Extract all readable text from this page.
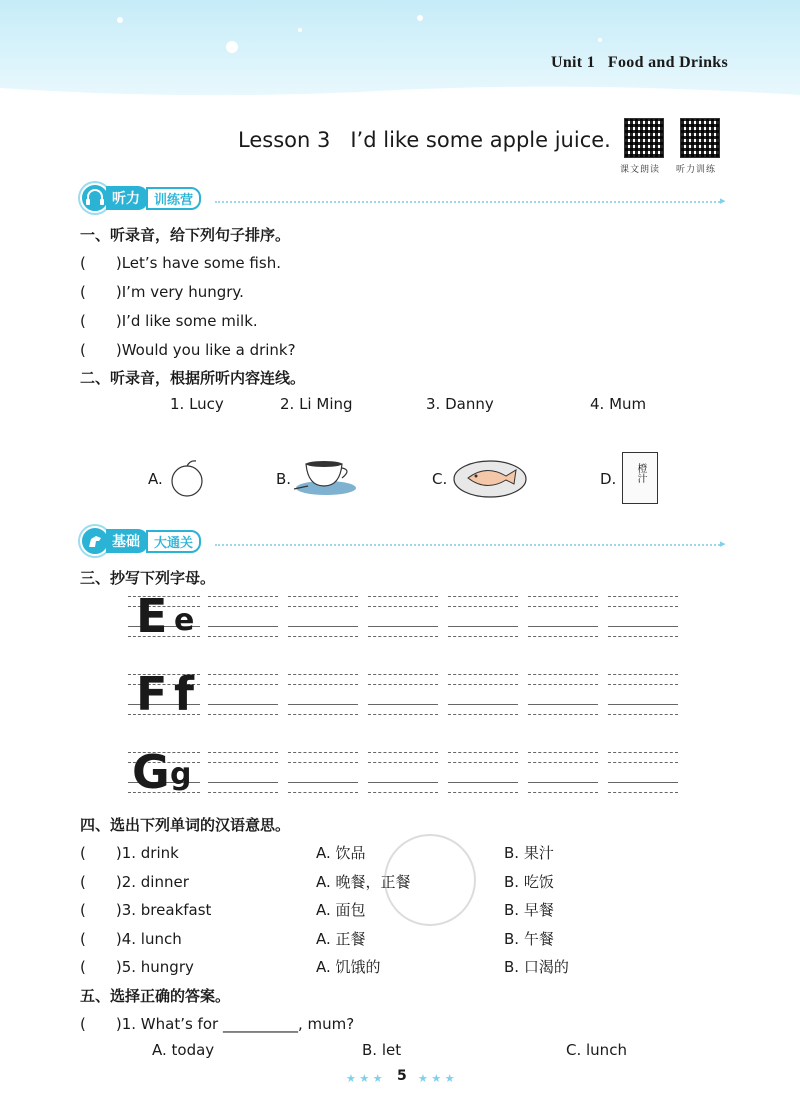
Unit 1 Food and Drinks
Lesson 3 I’d like some apple juice.
课文朗读 听力训练
听力	训练营	▸
一、听录音，给下列句子排序。
(　　)Let’s have some fish.
(　　)I’m very hungry.
(　　)I’d like some milk.
(　　)Would you like a drink?
二、听录音，根据所听内容连线。
1. Lucy	2. Li Ming	3. Danny	4. Mum
A.	B.	C.	D. 橙汁
基础	大通关	▸
三、抄写下列字母。
E e
F f
G g
四、选出下列单词的汉语意思。
(　　)1. drink	A. 饮品	B. 果汁
(　　)2. dinner	A. 晚餐，正餐	B. 吃饭
(　　)3. breakfast	A. 面包	B. 早餐
(　　)4. lunch	A. 正餐	B. 午餐
(　　)5. hungry	A. 饥饿的	B. 口渴的
五、选择正确的答案。
(　　)1. What’s for __________, mum?
A. today	B. let	C. lunch
★ ★ ★ 5 ★ ★ ★
